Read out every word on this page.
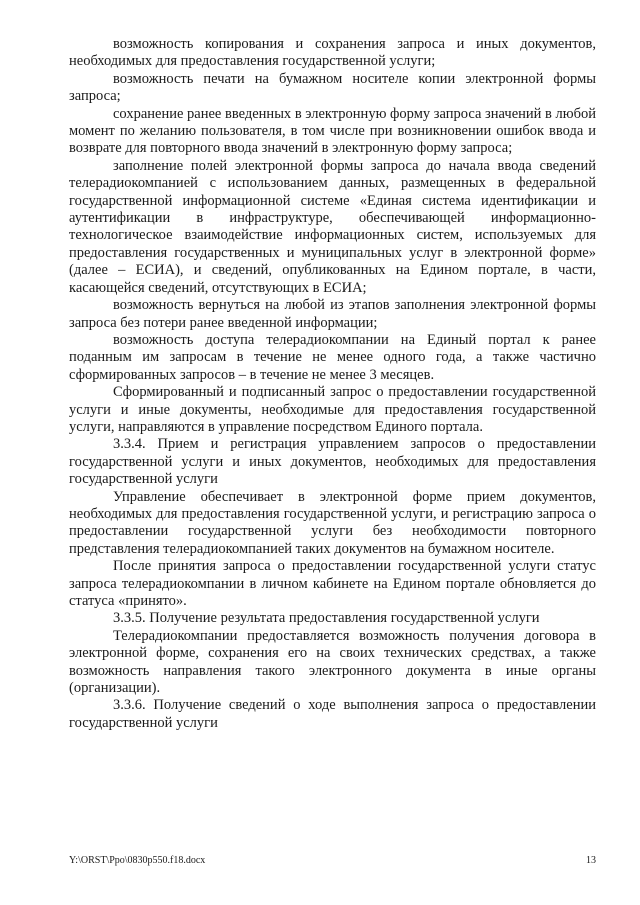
возможность копирования и сохранения запроса и иных документов, необходимых для предоставления государственной услуги;

возможность печати на бумажном носителе копии электронной формы запроса;

сохранение ранее введенных в электронную форму запроса значений в любой момент по желанию пользователя, в том числе при возникновении ошибок ввода и возврате для повторного ввода значений в электронную форму запроса;

заполнение полей электронной формы запроса до начала ввода сведений телерадиокомпанией с использованием данных, размещенных в федеральной государственной информационной системе «Единая система идентификации и аутентификации в инфраструктуре, обеспечивающей информационно-технологическое взаимодействие информационных систем, используемых для предоставления государственных и муниципальных услуг в электронной форме» (далее – ЕСИА), и сведений, опубликованных на Едином портале, в части, касающейся сведений, отсутствующих в ЕСИА;

возможность вернуться на любой из этапов заполнения электронной формы запроса без потери ранее введенной информации;

возможность доступа телерадиокомпании на Единый портал к ранее поданным им запросам в течение не менее одного года, а также частично сформированных запросов – в течение не менее 3 месяцев.

Сформированный и подписанный запрос о предоставлении государственной услуги и иные документы, необходимые для предоставления государственной услуги, направляются в управление посредством Единого портала.

3.3.4. Прием и регистрация управлением запросов о предоставлении государственной услуги и иных документов, необходимых для предоставления государственной услуги

Управление обеспечивает в электронной форме прием документов, необходимых для предоставления государственной услуги, и регистрацию запроса о предоставлении государственной услуги без необходимости повторного представления телерадиокомпанией таких документов на бумажном носителе.

После принятия запроса о предоставлении государственной услуги статус запроса телерадиокомпании в личном кабинете на Едином портале обновляется до статуса «принято».

3.3.5. Получение результата предоставления государственной услуги

Телерадиокомпании предоставляется возможность получения договора в электронной форме, сохранения его на своих технических средствах, а также возможность направления такого электронного документа в иные органы (организации).

3.3.6. Получение сведений о ходе выполнения запроса о предоставлении государственной услуги

Y:\ORST\Ppo\0830p550.f18.docx	13
